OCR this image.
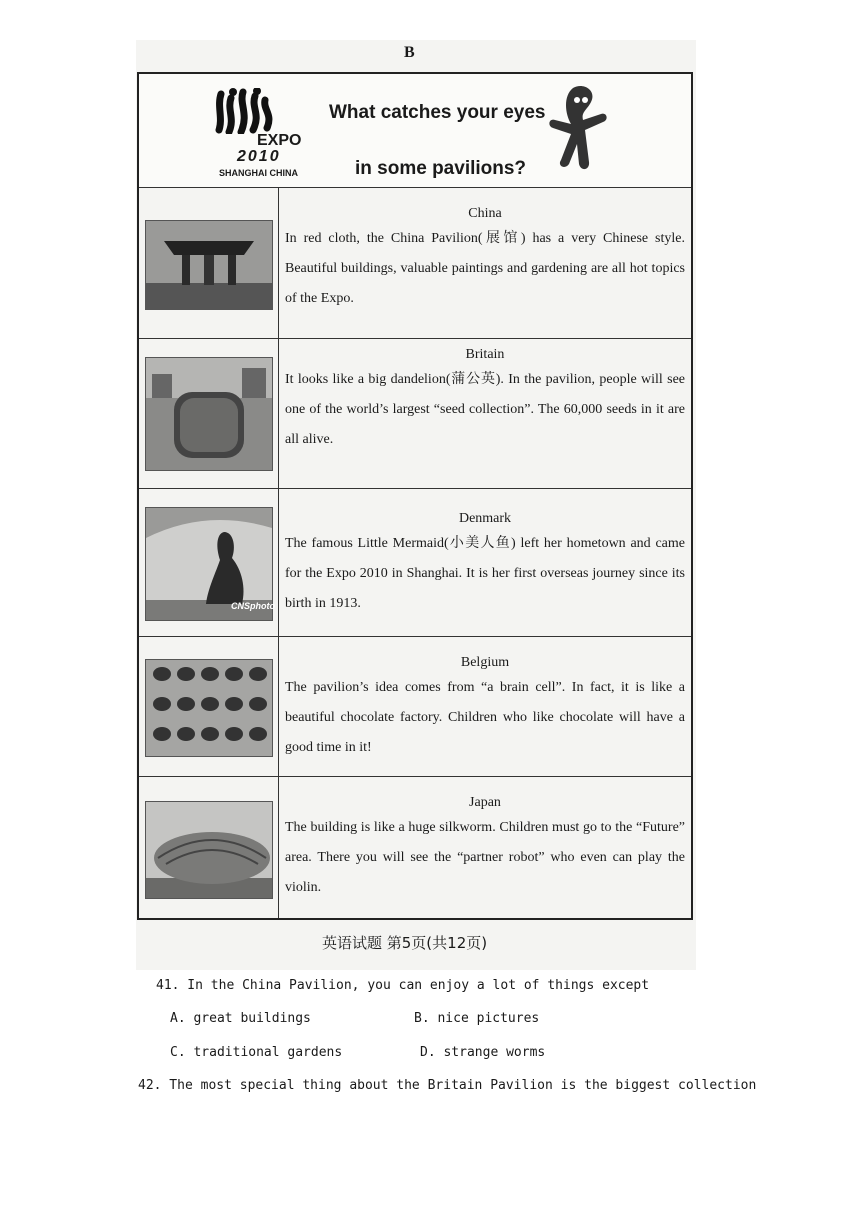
B
EXPO
2010
SHANGHAI CHINA
What catches your eyes
in some pavilions?	

China
In red cloth, the China Pavilion(展馆) has a very Chinese style. Beautiful buildings, valuable paintings and gardening are all hot topics of the Expo.

Britain
It looks like a big dandelion(蒲公英). In the pavilion, people will see one of the world’s largest “seed collection”. The 60,000 seeds in it are all alive.

CNSphoto	Denmark
The famous Little Mermaid(小美人鱼) left her hometown and came for the Expo 2010 in Shanghai. It is her first overseas journey since its birth in 1913.

Belgium
The pavilion’s idea comes from “a brain cell”. In fact, it is like a beautiful chocolate factory. Children who like chocolate will have a good time in it!

Japan
The building is like a huge silkworm. Children must go to the “Future” area. There you will see the “partner robot” who even can play the violin.
英语试题 第5页(共12页)
41. In the China Pavilion, you can enjoy a lot of things except
A. great buildings	B. nice pictures
C. traditional gardens	D. strange worms
42. The most special thing about the Britain Pavilion is the biggest collection
